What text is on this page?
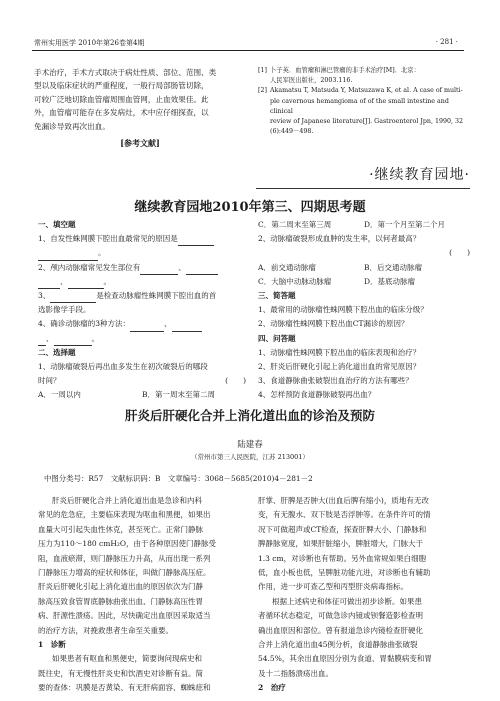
常州实用医学 2010年第26卷第4期	· 281 ·

手术治疗，手术方式取决于病灶性质、部位、范围、类

型以及临床症状的严重程度，一般行局部肠管切除，

可较广泛地切除血管瘤周围血管网，止血效果佳。此

外，血管瘤可能存在多发病灶，术中应仔细探查，以

免漏诊导致再次出血。

[参考文献]
[1] 卜子英．血管瘤和淋巴管瘤的非手术治疗[M]．北京：
人民军医出版社，2003.116.
[2] Akamatsu T, Matsuda Y, Matsuzawa K, et al. A case of multi-
ple cavernous hemangioma of of the small intestine and clinical
review of Japanese literature[J]. Gastroenterol Jpn, 1990, 32
(6):449－498.
·继续教育园地·
继续教育园地2010年第三、四期思考题
一、填空题
1、自发性蛛网膜下腔出血最常见的原因是
。
2、颅内动脉瘤常见发生部位有	、
、	。
3、	是检查动脉瘤性蛛网膜下腔出血的首
选影像学手段。
4、确诊动脉瘤的3种方法：	、
、	。
二、选择题
1、动脉瘤破裂后再出血多发生在初次破裂后的哪段
时间？	(　　)
A．一周以内	B．第一周末至第二周
C．第二周末至第三周	D．第一个月至第二个月
2、动脉瘤破裂形成血肿的发生率，以何者最高？
(　　)

A．前交通动脉瘤	B．后交通动脉瘤
C．大脑中动脉动脉瘤	D．基底动脉瘤
三、简答题
1、最常用的动脉瘤性蛛网膜下腔出血的临床分级？
2、动脉瘤性蛛网膜下腔出血CT漏诊的原因？
四、问答题
1、动脉瘤性蛛网膜下腔出血的临床表现和治疗？
2、肝炎后肝硬化引起上消化道出血的常见原因？
3、食道静脉曲张破裂出血治疗的方法有哪些？
4、怎样预防食道静脉破裂再出血？
肝炎后肝硬化合并上消化道出血的诊治及预防
陆建春
（常州市第三人民医院，江苏 213001）
中图分类号：R57　文献标识码：B　文章编号：3068－5685(2010)4－281－2

肝炎后肝硬化合并上消化道出血是急诊和内科

常见的危急症，主要临床表现为呕血和黑便，如果出
血量大可引起失血性休克，甚至死亡。正常门静脉
压力为110～180 cmH₂O，由于各种原因使门静脉受
阻，血液瘀滞，则门静脉压力升高，从而出现一系列
门静脉压力增高的症状和体征，叫做门静脉高压症。
肝炎后肝硬化引起上消化道出血的原因依次为门静
脉高压致食管胃底静脉曲张出血、门静脉高压性胃
病、肝源性溃疡。因此，尽快确定出血原因采取适当
的治疗方法，对挽救患者生命至关重要。
1　诊断

如果患者有呕血和黑便史，简要询问现病史和

既往史，有无慢性肝炎史和饮酒史对诊断有益。简
要的查体：巩膜是否黄染、有无肝病面容、蜘蛛痣和
肝掌、肝脾是否肿大(出血后脾有缩小)，质地有无改
变，有无腹水、双下肢是否浮肿等。在条件许可的情
况下可做超声或CT检查，探查肝脾大小、门静脉和
脾静脉宽度，如果肝脏缩小，脾脏增大，门脉大于
1.3 cm，对诊断也有帮助。另外血常规如果白细胞
低，血小板也低，呈脾脏功能亢进，对诊断也有辅助
作用，进一步可查乙型和丙型肝炎病毒指标。

根据上述病史和体征可做出初步诊断。如果患

者循环状态稳定，可做急诊内镜或钡餐造影检查明
确出血原因和部位。曾有报道急诊内镜检查肝硬化
合并上消化道出血45例分析，食道静脉曲张破裂
54.5%，其余出血原因分别为食道、胃黏膜病变和胃
及十二指肠溃疡出血。
2　治疗
